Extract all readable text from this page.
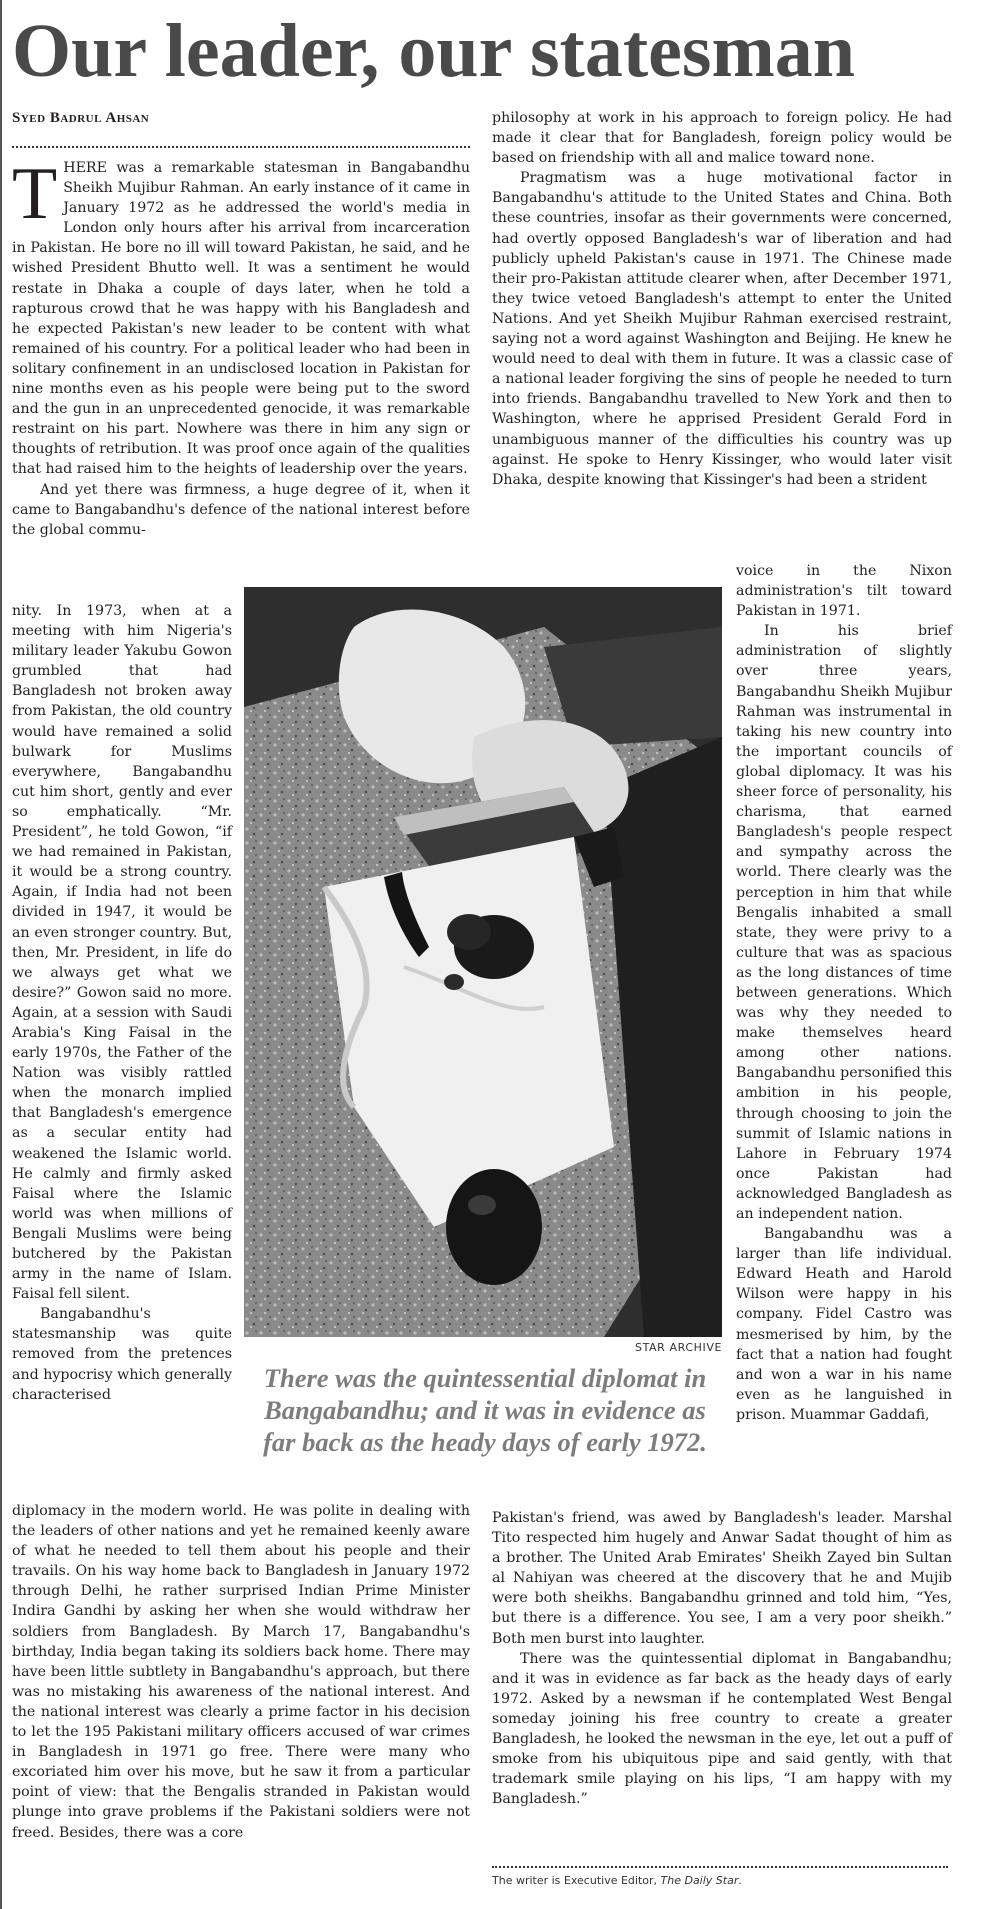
Our leader, our statesman
Syed Badrul Ahsan

THERE was a remarkable statesman in Bangabandhu Sheikh Mujibur Rahman. An early instance of it came in January 1972 as he addressed the world's media in London only hours after his arrival from incarceration in Pakistan. He bore no ill will toward Pakistan, he said, and he wished President Bhutto well. It was a sentiment he would restate in Dhaka a couple of days later, when he told a rapturous crowd that he was happy with his Bangladesh and he expected Pakistan's new leader to be content with what remained of his country. For a political leader who had been in solitary confinement in an undisclosed location in Pakistan for nine months even as his people were being put to the sword and the gun in an unprecedented genocide, it was remarkable restraint on his part. Nowhere was there in him any sign or thoughts of retribution. It was proof once again of the qualities that had raised him to the heights of leadership over the years.

And yet there was firmness, a huge degree of it, when it came to Bangabandhu's defence of the national interest before the global commu-

nity. In 1973, when at a meeting with him Nigeria's military leader Yakubu Gowon grumbled that had Bangladesh not broken away from Pakistan, the old country would have remained a solid bulwark for Muslims everywhere, Bangabandhu cut him short, gently and ever so emphatically. “Mr. President”, he told Gowon, “if we had remained in Pakistan, it would be a strong country. Again, if India had not been divided in 1947, it would be an even stronger country. But, then, Mr. President, in life do we always get what we desire?” Gowon said no more. Again, at a session with Saudi Arabia's King Faisal in the early 1970s, the Father of the Nation was visibly rattled when the monarch implied that Bangladesh's emergence as a secular entity had weakened the Islamic world. He calmly and firmly asked Faisal where the Islamic world was when millions of Bengali Muslims were being butchered by the Pakistan army in the name of Islam. Faisal fell silent.

Bangabandhu's statesmanship was quite removed from the pretences and hypocrisy which generally characterised

diplomacy in the modern world. He was polite in dealing with the leaders of other nations and yet he remained keenly aware of what he needed to tell them about his people and their travails. On his way home back to Bangladesh in January 1972 through Delhi, he rather surprised Indian Prime Minister Indira Gandhi by asking her when she would withdraw her soldiers from Bangladesh. By March 17, Bangabandhu's birthday, India began taking its soldiers back home. There may have been little subtlety in Bangabandhu's approach, but there was no mistaking his awareness of the national interest. And the national interest was clearly a prime factor in his decision to let the 195 Pakistani military officers accused of war crimes in Bangladesh in 1971 go free. There were many who excoriated him over his move, but he saw it from a particular point of view: that the Bengalis stranded in Pakistan would plunge into grave problems if the Pakistani soldiers were not freed. Besides, there was a core

philosophy at work in his approach to foreign policy. He had made it clear that for Bangladesh, foreign policy would be based on friendship with all and malice toward none.

Pragmatism was a huge motivational factor in Bangabandhu's attitude to the United States and China. Both these countries, insofar as their governments were concerned, had overtly opposed Bangladesh's war of liberation and had publicly upheld Pakistan's cause in 1971. The Chinese made their pro-Pakistan attitude clearer when, after December 1971, they twice vetoed Bangladesh's attempt to enter the United Nations. And yet Sheikh Mujibur Rahman exercised restraint, saying not a word against Washington and Beijing. He knew he would need to deal with them in future. It was a classic case of a national leader forgiving the sins of people he needed to turn into friends. Bangabandhu travelled to New York and then to Washington, where he apprised President Gerald Ford in unambiguous manner of the difficulties his country was up against. He spoke to Henry Kissinger, who would later visit Dhaka, despite knowing that Kissinger's had been a strident

voice in the Nixon administration's tilt toward Pakistan in 1971.

In his brief administration of slightly over three years, Bangabandhu Sheikh Mujibur Rahman was instrumental in taking his new country into the important councils of global diplomacy. It was his sheer force of personality, his charisma, that earned Bangladesh's people respect and sympathy across the world. There clearly was the perception in him that while Bengalis inhabited a small state, they were privy to a culture that was as spacious as the long distances of time between generations. Which was why they needed to make themselves heard among other nations. Bangabandhu personified this ambition in his people, through choosing to join the summit of Islamic nations in Lahore in February 1974 once Pakistan had acknowledged Bangladesh as an independent nation.

Bangabandhu was a larger than life individual. Edward Heath and Harold Wilson were happy in his company. Fidel Castro was mesmerised by him, by the fact that a nation had fought and won a war in his name even as he languished in prison. Muammar Gaddafi,

Pakistan's friend, was awed by Bangladesh's leader. Marshal Tito respected him hugely and Anwar Sadat thought of him as a brother. The United Arab Emirates' Sheikh Zayed bin Sultan al Nahiyan was cheered at the discovery that he and Mujib were both sheikhs. Bangabandhu grinned and told him, “Yes, but there is a difference. You see, I am a very poor sheikh.” Both men burst into laughter.

There was the quintessential diplomat in Bangabandhu; and it was in evidence as far back as the heady days of early 1972. Asked by a newsman if he contemplated West Bengal someday joining his free country to create a greater Bangladesh, he looked the newsman in the eye, let out a puff of smoke from his ubiquitous pipe and said gently, with that trademark smile playing on his lips, “I am happy with my Bangladesh.”

STAR ARCHIVE
There was the quintessential diplomat in Bangabandhu; and it was in evidence as far back as the heady days of early 1972.
The writer is Executive Editor, The Daily Star.
